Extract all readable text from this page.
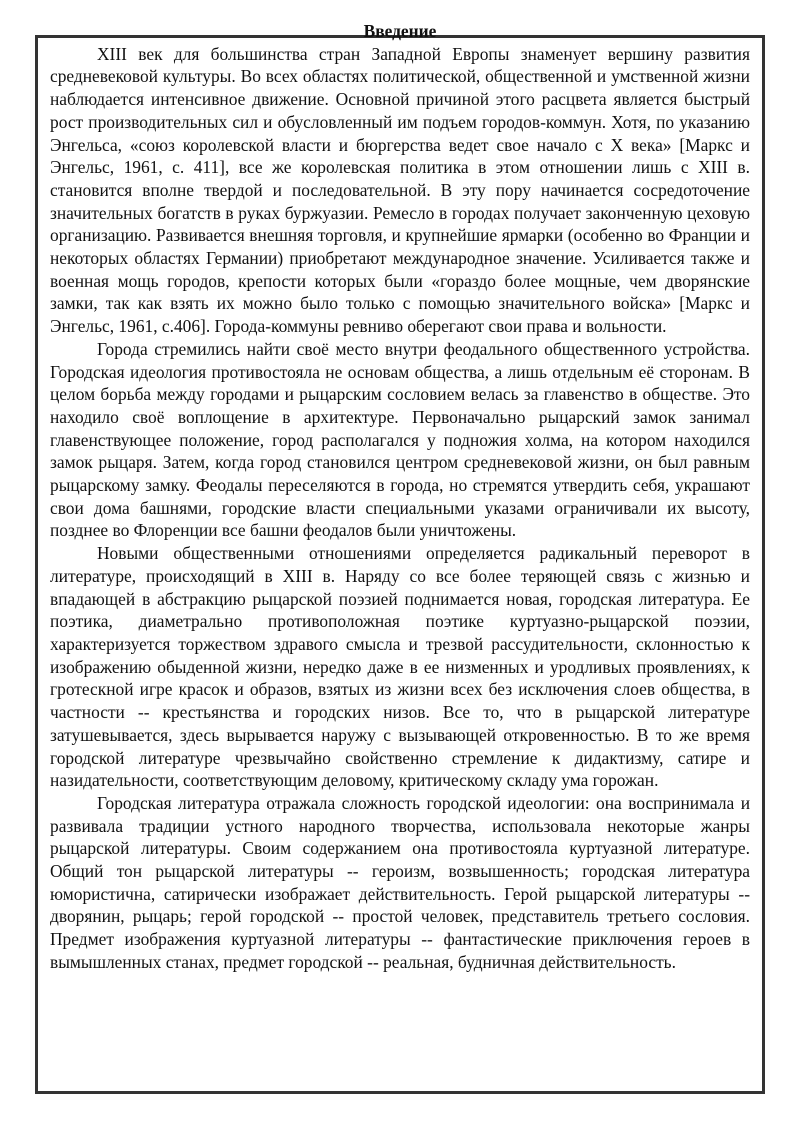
Введение

XIII век для большинства стран Западной Европы знаменует вершину развития средневековой культуры. Во всех областях политической, общественной и умственной жизни наблюдается интенсивное движение. Основной причиной этого расцвета является быстрый рост производительных сил и обусловленный им подъем городов-коммун. Хотя, по указанию Энгельса, «союз королевской власти и бюргерства ведет свое начало с X века» [Маркс и Энгельс, 1961, с. 411], все же королевская политика в этом отношении лишь с XIII в. становится вполне твердой и последовательной. В эту пору начинается сосредоточение значительных богатств в руках буржуазии. Ремесло в городах получает законченную цеховую организацию. Развивается внешняя торговля, и крупнейшие ярмарки (особенно во Франции и некоторых областях Германии) приобретают международное значение. Усиливается также и военная мощь городов, крепости которых были «гораздо более мощные, чем дворянские замки, так как взять их можно было только с помощью значительного войска» [Маркс и Энгельс, 1961, с.406]. Города-коммуны ревниво оберегают свои права и вольности.

Города стремились найти своё место внутри феодального общественного устройства. Городская идеология противостояла не основам общества, а лишь отдельным её сторонам. В целом борьба между городами и рыцарским сословием велась за главенство в обществе. Это находило своё воплощение в архитектуре. Первоначально рыцарский замок занимал главенствующее положение, город располагался у подножия холма, на котором находился замок рыцаря. Затем, когда город становился центром средневековой жизни, он был равным рыцарскому замку. Феодалы переселяются в города, но стремятся утвердить себя, украшают свои дома башнями, городские власти специальными указами ограничивали их высоту, позднее во Флоренции все башни феодалов были уничтожены.

Новыми общественными отношениями определяется радикальный переворот в литературе, происходящий в XIII в. Наряду со все более теряющей связь с жизнью и впадающей в абстракцию рыцарской поэзией поднимается новая, городская литература. Ее поэтика, диаметрально противоположная поэтике куртуазно-рыцарской поэзии, характеризуется торжеством здравого смысла и трезвой рассудительности, склонностью к изображению обыденной жизни, нередко даже в ее низменных и уродливых проявлениях, к гротескной игре красок и образов, взятых из жизни всех без исключения слоев общества, в частности -- крестьянства и городских низов. Все то, что в рыцарской литературе затушевывается, здесь вырывается наружу с вызывающей откровенностью. В то же время городской литературе чрезвычайно свойственно стремление к дидактизму, сатире и назидательности, соответствующим деловому, критическому складу ума горожан.

Городская литература отражала сложность городской идеологии: она воспринимала и развивала традиции устного народного творчества, использовала некоторые жанры рыцарской литературы. Своим содержанием она противостояла куртуазной литературе. Общий тон рыцарской литературы -- героизм, возвышенность; городская литература юмористична, сатирически изображает действительность. Герой рыцарской литературы -- дворянин, рыцарь; герой городской -- простой человек, представитель третьего сословия. Предмет изображения куртуазной литературы -- фантастические приключения героев в вымышленных станах, предмет городской -- реальная, будничная действительность.
